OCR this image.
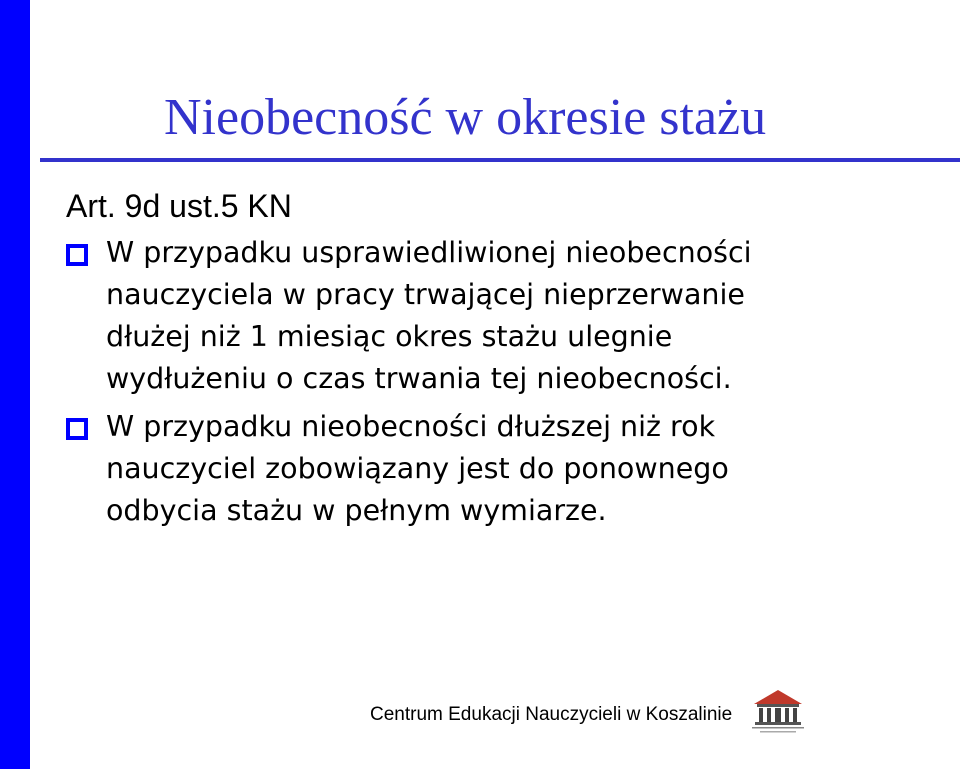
Nieobecność w okresie stażu
Art. 9d ust.5 KN
W przypadku usprawiedliwionej nieobecności
nauczyciela w pracy trwającej nieprzerwanie
dłużej niż 1 miesiąc okres stażu ulegnie
wydłużeniu o czas trwania tej nieobecności.
W przypadku nieobecności dłuższej niż rok
nauczyciel zobowiązany jest do ponownego
odbycia stażu w pełnym wymiarze.
Centrum Edukacji Nauczycieli w Koszalinie
